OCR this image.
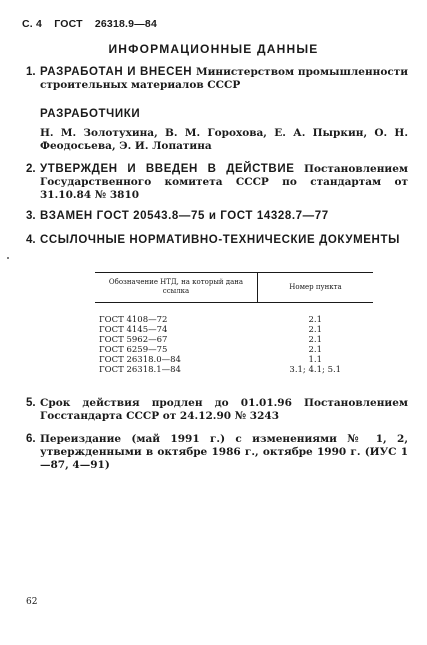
С. 4 ГОСТ 26318.9—84
ИНФОРМАЦИОННЫЕ ДАННЫЕ
1. РАЗРАБОТАН И ВНЕСЕН Министерством промышленности строительных материалов СССР
РАЗРАБОТЧИКИ
Н. М. Золотухина, В. М. Горохова, Е. А. Пыркин, О. Н. Феодосьева, Э. И. Лопатина
2. УТВЕРЖДЕН И ВВЕДЕН В ДЕЙСТВИЕ Постановлением Государственного комитета СССР по стандартам от 31.10.84 № 3810
3. ВЗАМЕН ГОСТ 20543.8—75 и ГОСТ 14328.7—77
4. ССЫЛОЧНЫЕ НОРМАТИВНО-ТЕХНИЧЕСКИЕ ДОКУМЕНТЫ
Обозначение НТД, на который дана ссылка	Номер пункта
ГОСТ 4108—72	2.1
ГОСТ 4145—74	2.1
ГОСТ 5962—67	2.1
ГОСТ 6259—75	2.1
ГОСТ 26318.0—84	1.1
ГОСТ 26318.1—84	3.1; 4.1; 5.1
5. Срок действия продлен до 01.01.96 Постановлением Госстандарта СССР от 24.12.90 № 3243
6. Переиздание (май 1991 г.) с изменениями № 1, 2, утвержденными в октябре 1986 г., октябре 1990 г. (ИУС 1—87, 4—91)
62
